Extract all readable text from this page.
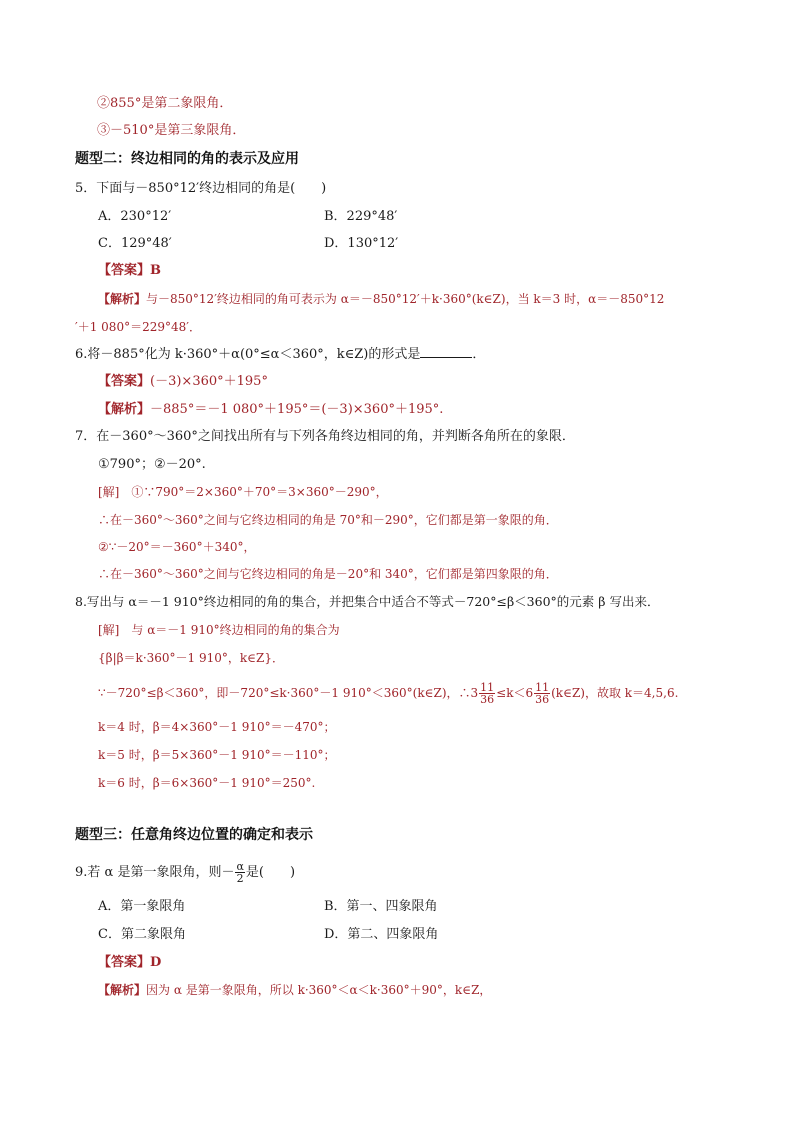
②855°是第二象限角．
③－510°是第三象限角．
题型二：终边相同的角的表示及应用
5．下面与－850°12′终边相同的角是(　　)
A．230°12′	B．229°48′
C．129°48′	D．130°12′
【答案】B
【解析】与－850°12′终边相同的角可表示为 α＝－850°12′＋k·360°(k∈Z)，当 k＝3 时，α＝－850°12
′＋1 080°＝229°48′．
6.将－885°化为 k·360°＋α(0°≤α＜360°，k∈Z)的形式是	．
【答案】(－3)×360°＋195°
【解析】－885°＝－1 080°＋195°＝(－3)×360°＋195°.
7．在－360°～360°之间找出所有与下列各角终边相同的角，并判断各角所在的象限．
①790°；②－20°.
[解]　 ①∵790°＝2×360°＋70°＝3×360°－290°，
∴在－360°～360°之间与它终边相同的角是 70°和－290°，它们都是第一象限的角．
②∵－20°＝－360°＋340°，
∴在－360°～360°之间与它终边相同的角是－20°和 340°，它们都是第四象限的角．
8.写出与 α＝－1 910°终边相同的角的集合，并把集合中适合不等式－720°≤β＜360°的元素 β 写出来．
[解]　 与 α＝－1 910°终边相同的角的集合为
{β|β＝k·360°－1 910°，k∈Z}．
∵－720°≤β＜360°，即－720°≤k·360°－1 910°＜360°(k∈Z)，∴3 $\frac{11}{36} \le k<6 \frac{11}{36}$ (k∈Z)，故取 k＝4,5,6.
k＝4 时，β＝4×360°－1 910°＝－470°；
k＝5 时，β＝5×360°－1 910°＝－110°；
k＝6 时，β＝6×360°－1 910°＝250°.
题型三：任意角终边位置的确定和表示
9.若 α 是第一象限角，则－ $\frac{\alpha}{2}$ 是(　　)
A．第一象限角	B．第一、四象限角
C．第二象限角	D．第二、四象限角
【答案】D
【解析】因为 α 是第一象限角，所以 k·360°＜α＜k·360°＋90°，k∈Z，
